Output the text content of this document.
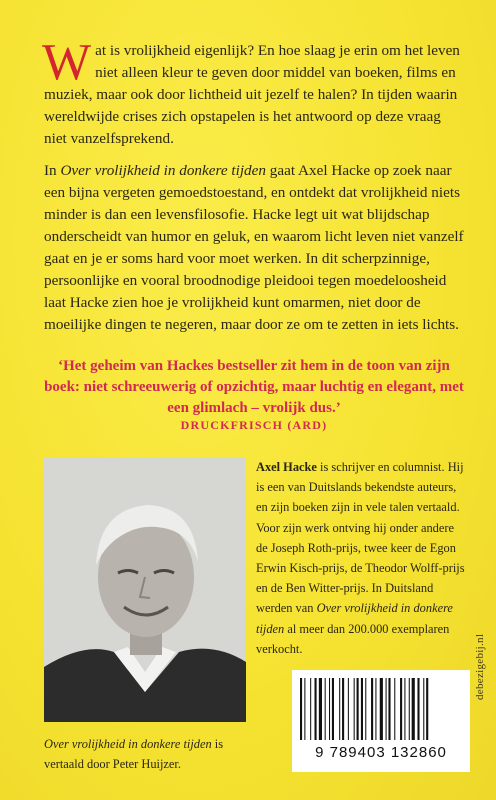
Wat is vrolijkheid eigenlijk? En hoe slaag je erin om het leven niet alleen kleur te geven door middel van boeken, films en muziek, maar ook door lichtheid uit jezelf te halen? In tijden waarin wereldwijde crises zich opstapelen is het antwoord op deze vraag niet vanzelfsprekend.

In Over vrolijkheid in donkere tijden gaat Axel Hacke op zoek naar een bijna vergeten gemoedstoestand, en ontdekt dat vrolijkheid niets minder is dan een levensfilosofie. Hacke legt uit wat blijdschap onderscheidt van humor en geluk, en waarom licht leven niet vanzelf gaat en je er soms hard voor moet werken. In dit scherpzinnige, persoonlijke en vooral broodnodige pleidooi tegen moedeloosheid laat Hacke zien hoe je vrolijkheid kunt omarmen, niet door de moeilijke dingen te negeren, maar door ze om te zetten in iets lichts.

‘Het geheim van Hackes bestseller zit hem in de toon van zijn boek: niet schreeuwerig of opzichtig, maar luchtig en elegant, met een glimlach – vrolijk dus.’

DRUCKFRISCH (ARD)

Axel Hacke is schrijver en columnist. Hij is een van Duitslands bekendste auteurs, en zijn boeken zijn in vele talen vertaald. Voor zijn werk ontving hij onder andere de Joseph Roth-prijs, twee keer de Egon Erwin Kisch-prijs, de Theodor Wolff-prijs en de Ben Witter-prijs. In Duitsland werden van Over vrolijkheid in donkere tijden al meer dan 200.000 exemplaren verkocht.

Over vrolijkheid in donkere tijden is vertaald door Peter Huijzer.

9 789403 132860
debezigebij.nl
